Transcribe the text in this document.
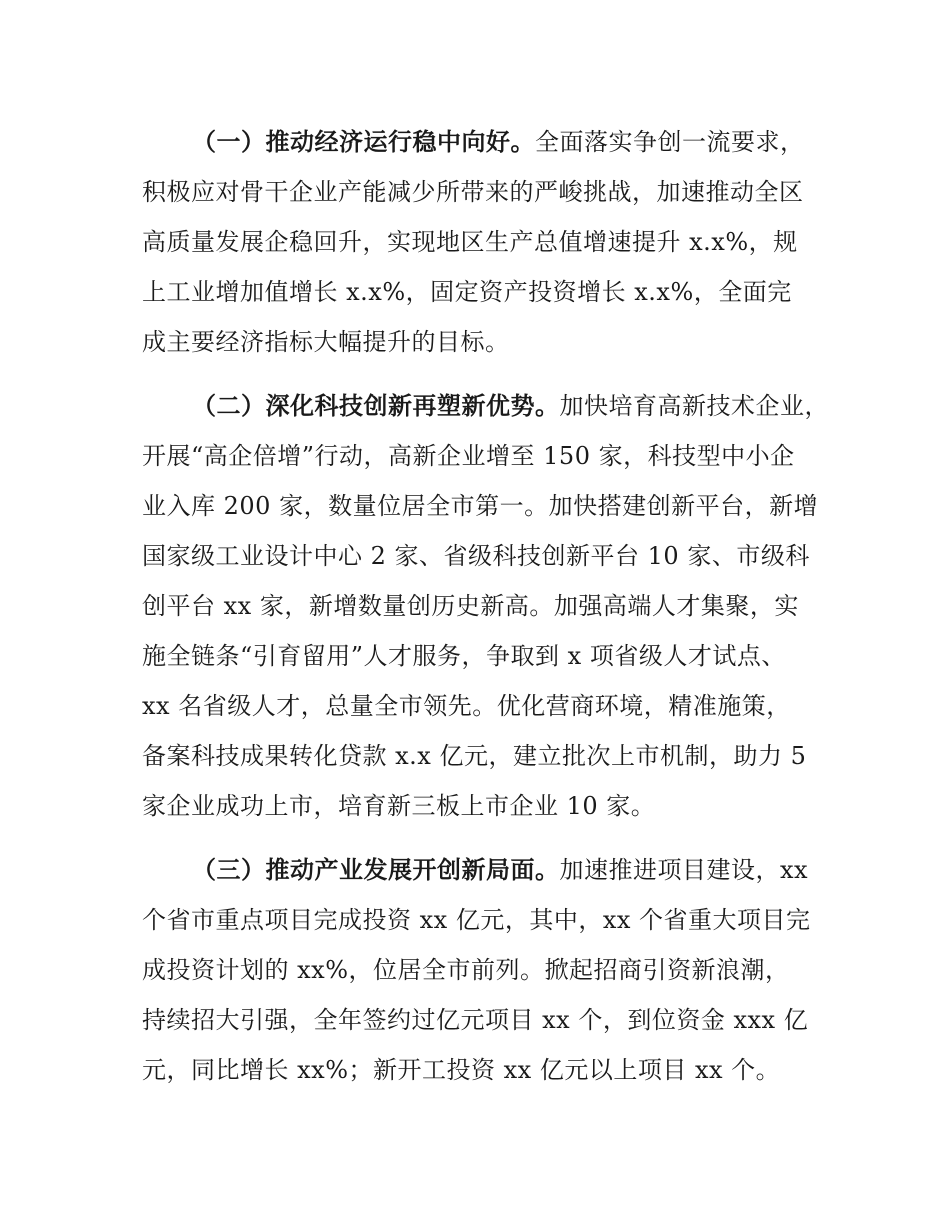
（一）推动经济运行稳中向好。全面落实争创一流要求，
积极应对骨干企业产能减少所带来的严峻挑战，加速推动全区
高质量发展企稳回升，实现地区生产总值增速提升 x.x%，规
上工业增加值增长 x.x%，固定资产投资增长 x.x%，全面完
成主要经济指标大幅提升的目标。
（二）深化科技创新再塑新优势。加快培育高新技术企业，
开展“高企倍增”行动，高新企业增至 150 家，科技型中小企
业入库 200 家，数量位居全市第一。加快搭建创新平台，新增
国家级工业设计中心 2 家、省级科技创新平台 10 家、市级科
创平台 xx 家，新增数量创历史新高。加强高端人才集聚，实
施全链条“引育留用”人才服务，争取到 x 项省级人才试点、
xx 名省级人才，总量全市领先。优化营商环境，精准施策，
备案科技成果转化贷款 x.x 亿元，建立批次上市机制，助力 5
家企业成功上市，培育新三板上市企业 10 家。
（三）推动产业发展开创新局面。加速推进项目建设，xx
个省市重点项目完成投资 xx 亿元，其中，xx 个省重大项目完
成投资计划的 xx%，位居全市前列。掀起招商引资新浪潮，
持续招大引强，全年签约过亿元项目 xx 个，到位资金 xxx 亿
元，同比增长 xx%；新开工投资 xx 亿元以上项目 xx 个。
